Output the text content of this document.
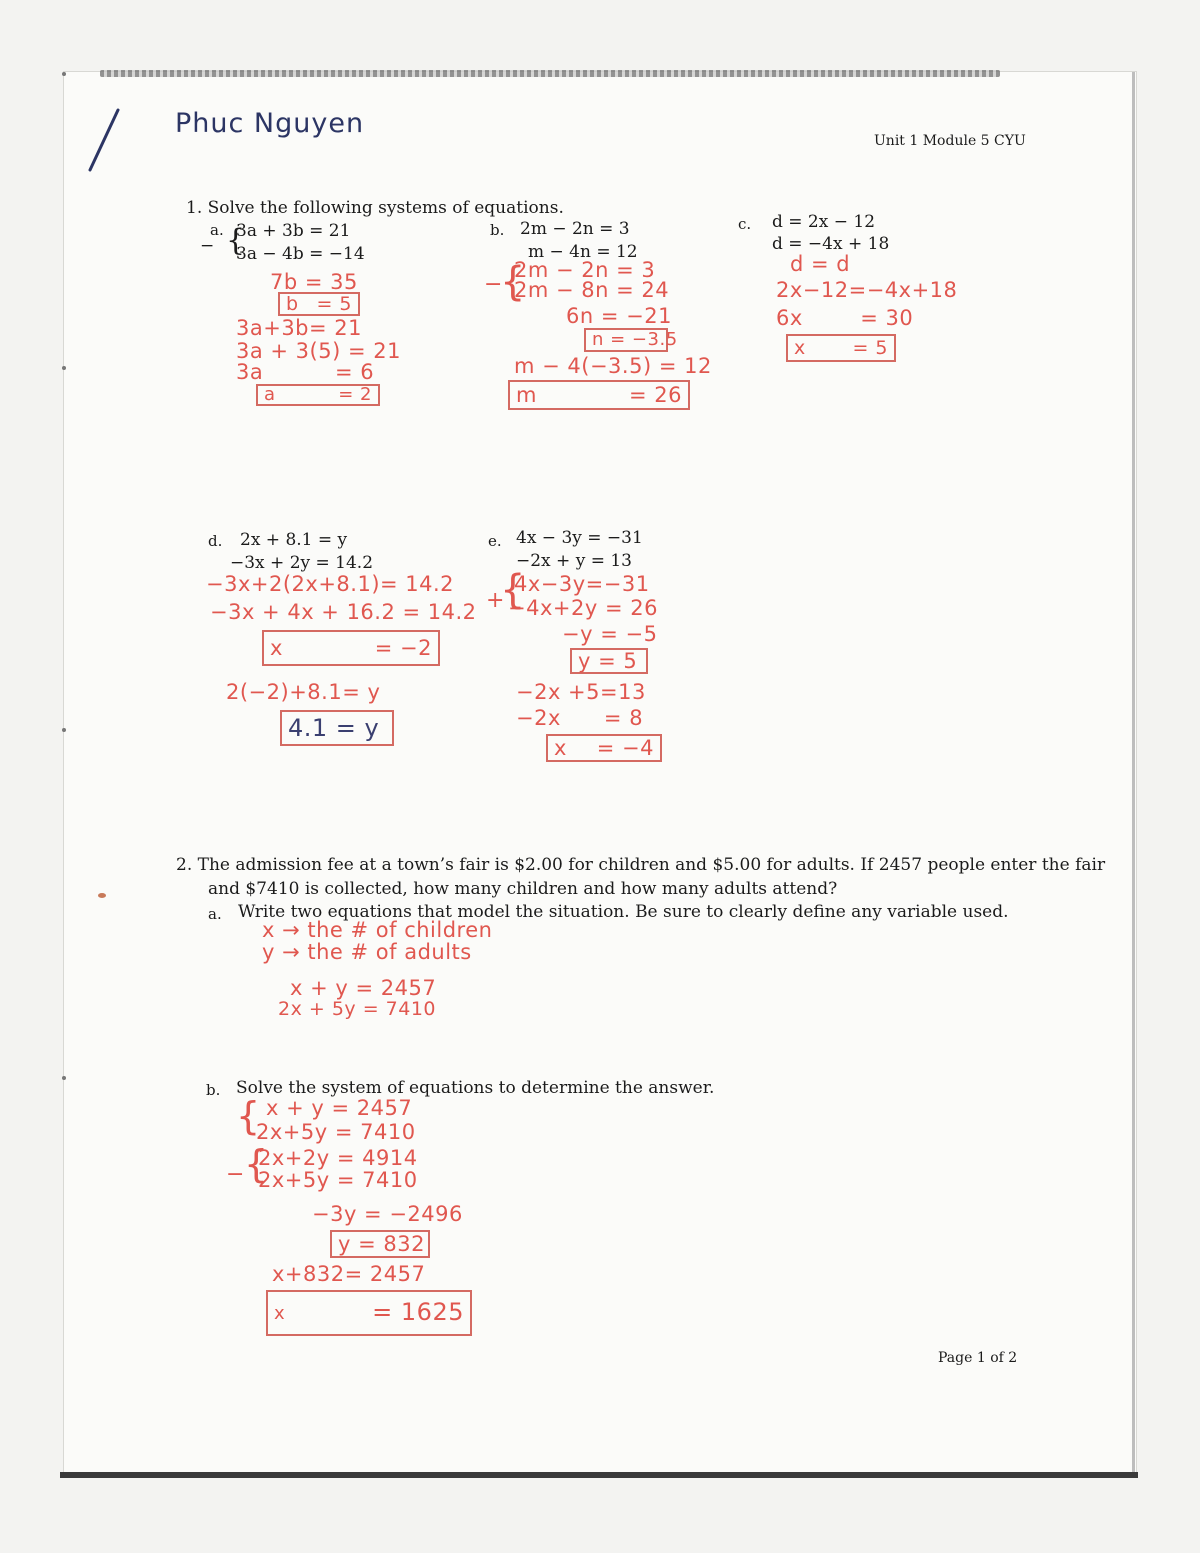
Phuc Nguyen
Unit 1 Module 5 CYU
1. Solve the following systems of equations.
a. {
−
3a + 3b = 21
3a − 4b = −14
7b = 35
b = 5
3a+3b= 21
3a + 3(5) = 21
3a          = 6
a	= 2
b. 2m − 2n = 3
m − 4n = 12
−
{
2m − 2n = 3
2m − 8n = 24
6n = −21
n = −3.5
m − 4(−3.5) = 12
m	= 26
c. d = 2x − 12
d = −4x + 18
d = d
2x−12=−4x+18
6x        = 30
x = 5
d. 2x + 8.1 = y
−3x + 2y = 14.2
−3x+2(2x+8.1)= 14.2
−3x + 4x + 16.2 = 14.2
x	= −2
2(−2)+8.1= y
4.1 = y
e. 4x − 3y = −31
−2x + y = 13
+
{
4x−3y=−31
−4x+2y = 26
−y = −5
y = 5
−2x +5=13
−2x      = 8
x = −4
2. The admission fee at a town’s fair is $2.00 for children and $5.00 for adults. If 2457 people enter the fair
and $7410 is collected, how many children and how many adults attend?
a. Write two equations that model the situation. Be sure to clearly define any variable used.
x → the # of children
y → the # of adults
x + y = 2457
2x + 5y = 7410
b. Solve the system of equations to determine the answer.
{ x + y = 2457
2x+5y = 7410
− {
2x+2y = 4914
2x+5y = 7410
−3y = −2496
y = 832
x+832= 2457
x	= 1625
Page 1 of 2
